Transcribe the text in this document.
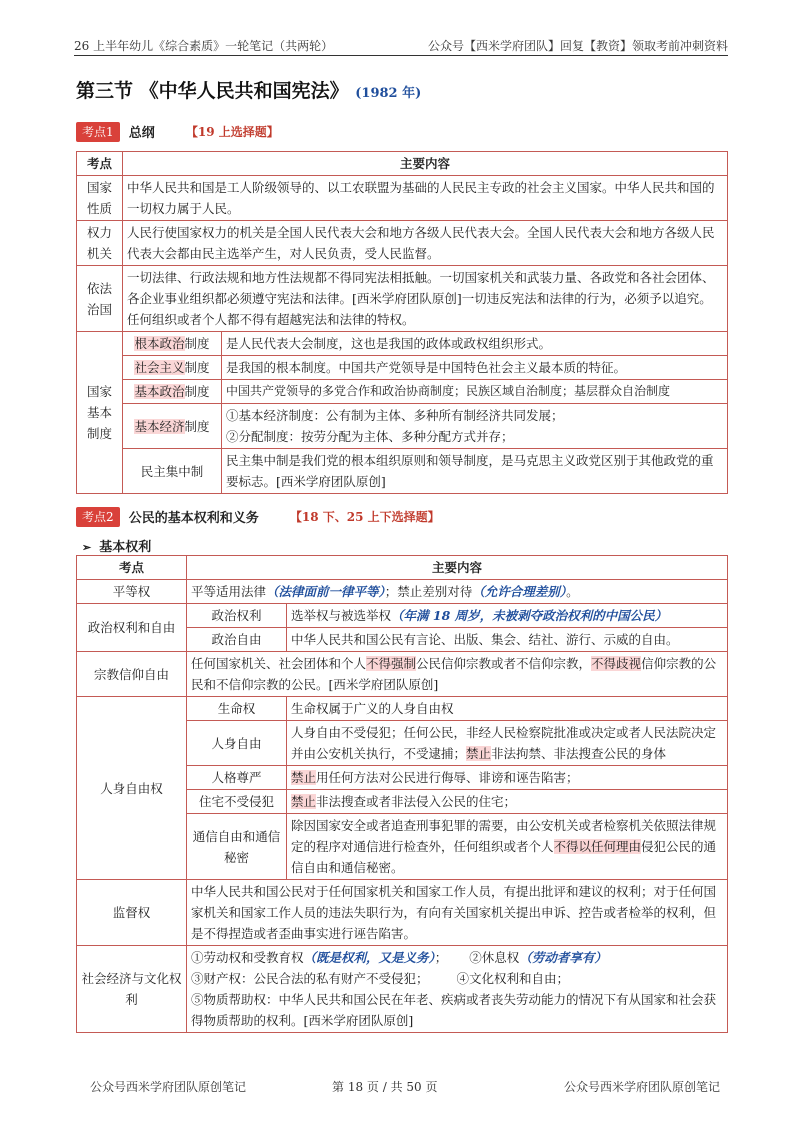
26 上半年幼儿《综合素质》一轮笔记（共两轮）	公众号【西米学府团队】回复【教资】领取考前冲刺资料
第三节 《中华人民共和国宪法》 (1982 年)
考点1 总纲	【19 上选择题】
考点	主要内容	
国家性质	中华人民共和国是工人阶级领导的、以工农联盟为基础的人民民主专政的社会主义国家。中华人民共和国的一切权力属于人民。	
权力机关	人民行使国家权力的机关是全国人民代表大会和地方各级人民代表大会。全国人民代表大会和地方各级人民代表大会都由民主选举产生，对人民负责，受人民监督。	
依法治国	一切法律、行政法规和地方性法规都不得同宪法相抵触。一切国家机关和武装力量、各政党和各社会团体、各企业事业组织都必须遵守宪法和法律。[西米学府团队原创]一切违反宪法和法律的行为，必须予以追究。任何组织或者个人都不得有超越宪法和法律的特权。	
国家基本制度	根本政治制度	是人民代表大会制度，这也是我国的政体或政权组织形式。
	社会主义制度	是我国的根本制度。中国共产党领导是中国特色社会主义最本质的特征。
	基本政治制度	中国共产党领导的多党合作和政治协商制度；民族区域自治制度；基层群众自治制度
	基本经济制度	①基本经济制度：公有制为主体、多种所有制经济共同发展；
②分配制度：按劳分配为主体、多种分配方式并存；

	民主集中制	民主集中制是我们党的根本组织原则和领导制度，是马克思主义政党区别于其他政党的重要标志。[西米学府团队原创]
考点2 公民的基本权利和义务	【18 下、25 上下选择题】
➢ 基本权利
考点	主要内容	
平等权	平等适用法律（法律面前一律平等）；禁止差别对待（允许合理差别）。	
政治权利和自由	政治权利	选举权与被选举权（年满 18 周岁，未被剥夺政治权利的中国公民）
	政治自由	中华人民共和国公民有言论、出版、集会、结社、游行、示威的自由。
宗教信仰自由	任何国家机关、社会团体和个人不得强制公民信仰宗教或者不信仰宗教，不得歧视信仰宗教的公民和不信仰宗教的公民。[西米学府团队原创]	
人身自由权	生命权	生命权属于广义的人身自由权
	人身自由	人身自由不受侵犯；任何公民，非经人民检察院批准或决定或者人民法院决定并由公安机关执行，不受逮捕；禁止非法拘禁、非法搜查公民的身体
	人格尊严	禁止用任何方法对公民进行侮辱、诽谤和诬告陷害；
	住宅不受侵犯	禁止非法搜查或者非法侵入公民的住宅；
	通信自由和通信秘密	除因国家安全或者追查刑事犯罪的需要，由公安机关或者检察机关依照法律规定的程序对通信进行检查外，任何组织或者个人不得以任何理由侵犯公民的通信自由和通信秘密。
监督权	中华人民共和国公民对于任何国家机关和国家工作人员，有提出批评和建议的权利；对于任何国家机关和国家工作人员的违法失职行为，有向有关国家机关提出申诉、控告或者检举的权利，但是不得捏造或者歪曲事实进行诬告陷害。	
社会经济与文化权利	①劳动权和受教育权（既是权利，又是义务）； ②休息权（劳动者享有）
③财产权：公民合法的私有财产不受侵犯； ④文化权利和自由；
⑤物质帮助权：中华人民共和国公民在年老、疾病或者丧失劳动能力的情况下有从国家和社会获得物质帮助的权利。[西米学府团队原创]	
公众号西米学府团队原创笔记	第 18 页 / 共 50 页	公众号西米学府团队原创笔记
